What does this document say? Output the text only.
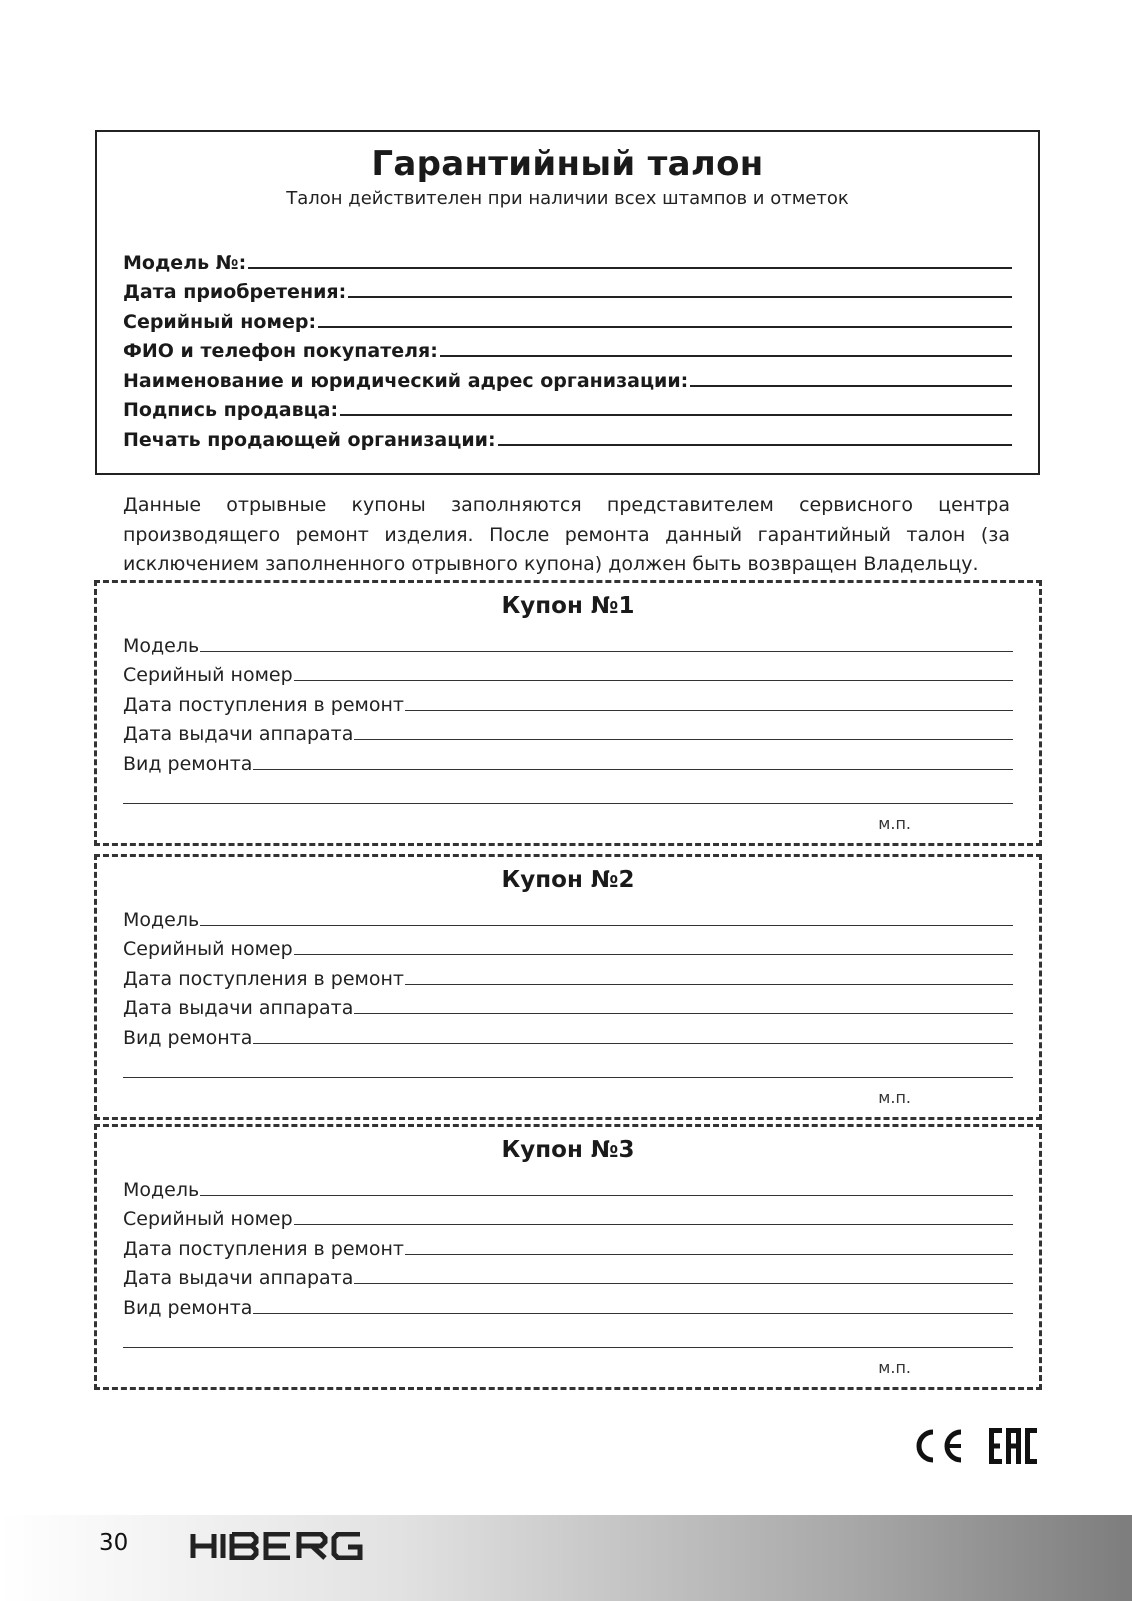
Гарантийный талон
Талон действителен при наличии всех штампов и отметок
Модель №:
Дата приобретения:
Серийный номер:
ФИО и телефон покупателя:
Наименование и юридический адрес организации:
Подпись продавца:
Печать продающей организации:
Данные отрывные купоны заполняются представителем сервисного центра производящего ремонт изделия. После ремонта данный гарантийный талон (за исключением заполненного отрывного купона) должен быть возвращен Владельцу.
Купон №1
Модель
Серийный номер
Дата поступления в ремонт
Дата выдачи аппарата
Вид ремонта
м.п.
Купон №2
Модель
Серийный номер
Дата поступления в ремонт
Дата выдачи аппарата
Вид ремонта
м.п.
Купон №3
Модель
Серийный номер
Дата поступления в ремонт
Дата выдачи аппарата
Вид ремонта
м.п.
30
